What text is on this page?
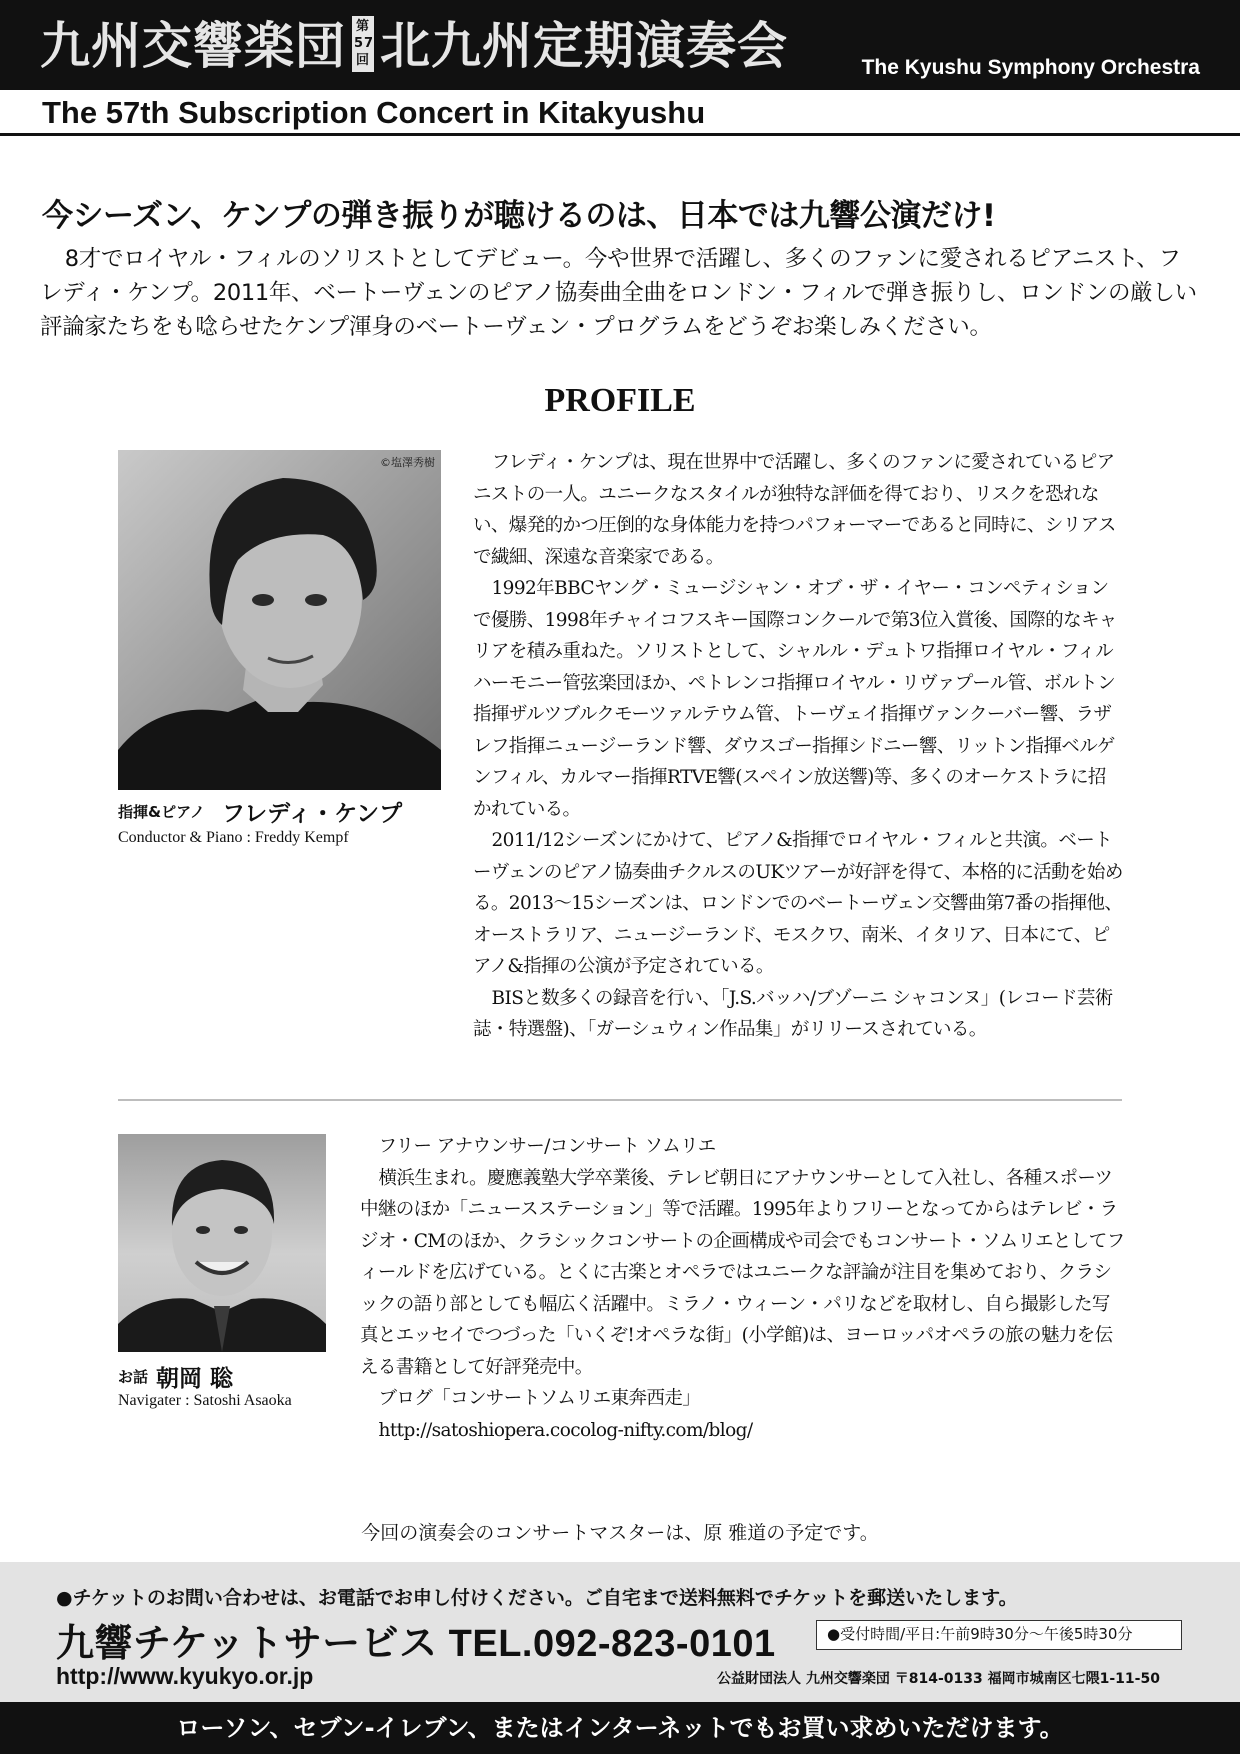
九州交響楽団 第
57
回 北九州定期演奏会	The Kyushu Symphony Orchestra
The 57th Subscription Concert in Kitakyushu
今シーズン、ケンプの弾き振りが聴けるのは、日本では九響公演だけ!
8才でロイヤル・フィルのソリストとしてデビュー。今や世界で活躍し、多くのファンに愛されるピアニスト、フレディ・ケンプ。2011年、ベートーヴェンのピアノ協奏曲全曲をロンドン・フィルで弾き振りし、ロンドンの厳しい評論家たちをも唸らせたケンプ渾身のベートーヴェン・プログラムをどうぞお楽しみください。
PROFILE
©塩澤秀樹
指揮&ピアノ フレディ・ケンプ
Conductor & Piano : Freddy Kempf

フレディ・ケンプは、現在世界中で活躍し、多くのファンに愛されているピアニストの一人。ユニークなスタイルが独特な評価を得ており、リスクを恐れない、爆発的かつ圧倒的な身体能力を持つパフォーマーであると同時に、シリアスで繊細、深遠な音楽家である。

1992年BBCヤング・ミュージシャン・オブ・ザ・イヤー・コンペティションで優勝、1998年チャイコフスキー国際コンクールで第3位入賞後、国際的なキャリアを積み重ねた。ソリストとして、シャルル・デュトワ指揮ロイヤル・フィルハーモニー管弦楽団ほか、ペトレンコ指揮ロイヤル・リヴァプール管、ボルトン指揮ザルツブルクモーツァルテウム管、トーヴェイ指揮ヴァンクーバー響、ラザレフ指揮ニュージーランド響、ダウスゴー指揮シドニー響、リットン指揮ベルゲンフィル、カルマー指揮RTVE響(スペイン放送響)等、多くのオーケストラに招かれている。

2011/12シーズンにかけて、ピアノ&指揮でロイヤル・フィルと共演。ベートーヴェンのピアノ協奏曲チクルスのUKツアーが好評を得て、本格的に活動を始める。2013〜15シーズンは、ロンドンでのベートーヴェン交響曲第7番の指揮他、オーストラリア、ニュージーランド、モスクワ、南米、イタリア、日本にて、ピアノ&指揮の公演が予定されている。

BISと数多くの録音を行い、「J.S.バッハ/ブゾーニ シャコンヌ」(レコード芸術誌・特選盤)、「ガーシュウィン作品集」がリリースされている。

お話 朝岡 聡
Navigater : Satoshi Asaoka
フリー アナウンサー/コンサート ソムリエ
横浜生まれ。慶應義塾大学卒業後、テレビ朝日にアナウンサーとして入社し、各種スポーツ中継のほか「ニュースステーション」等で活躍。1995年よりフリーとなってからはテレビ・ラジオ・CMのほか、クラシックコンサートの企画構成や司会でもコンサート・ソムリエとしてフィールドを広げている。とくに古楽とオペラではユニークな評論が注目を集めており、クラシックの語り部としても幅広く活躍中。ミラノ・ウィーン・パリなどを取材し、自ら撮影した写真とエッセイでつづった「いくぞ!オペラな街」(小学館)は、ヨーロッパオペラの旅の魅力を伝える書籍として好評発売中。
ブログ「コンサートソムリエ東奔西走」
http://satoshiopera.cocolog-nifty.com/blog/
今回の演奏会のコンサートマスターは、原 雅道の予定です。
●チケットのお問い合わせは、お電話でお申し付けください。ご自宅まで送料無料でチケットを郵送いたします。
九響チケットサービス TEL.092-823-0101	●受付時間/平日:午前9時30分〜午後5時30分
http://www.kyukyo.or.jp	公益財団法人 九州交響楽団 〒814-0133 福岡市城南区七隈1-11-50
ローソン、セブン-イレブン、またはインターネットでもお買い求めいただけます。
